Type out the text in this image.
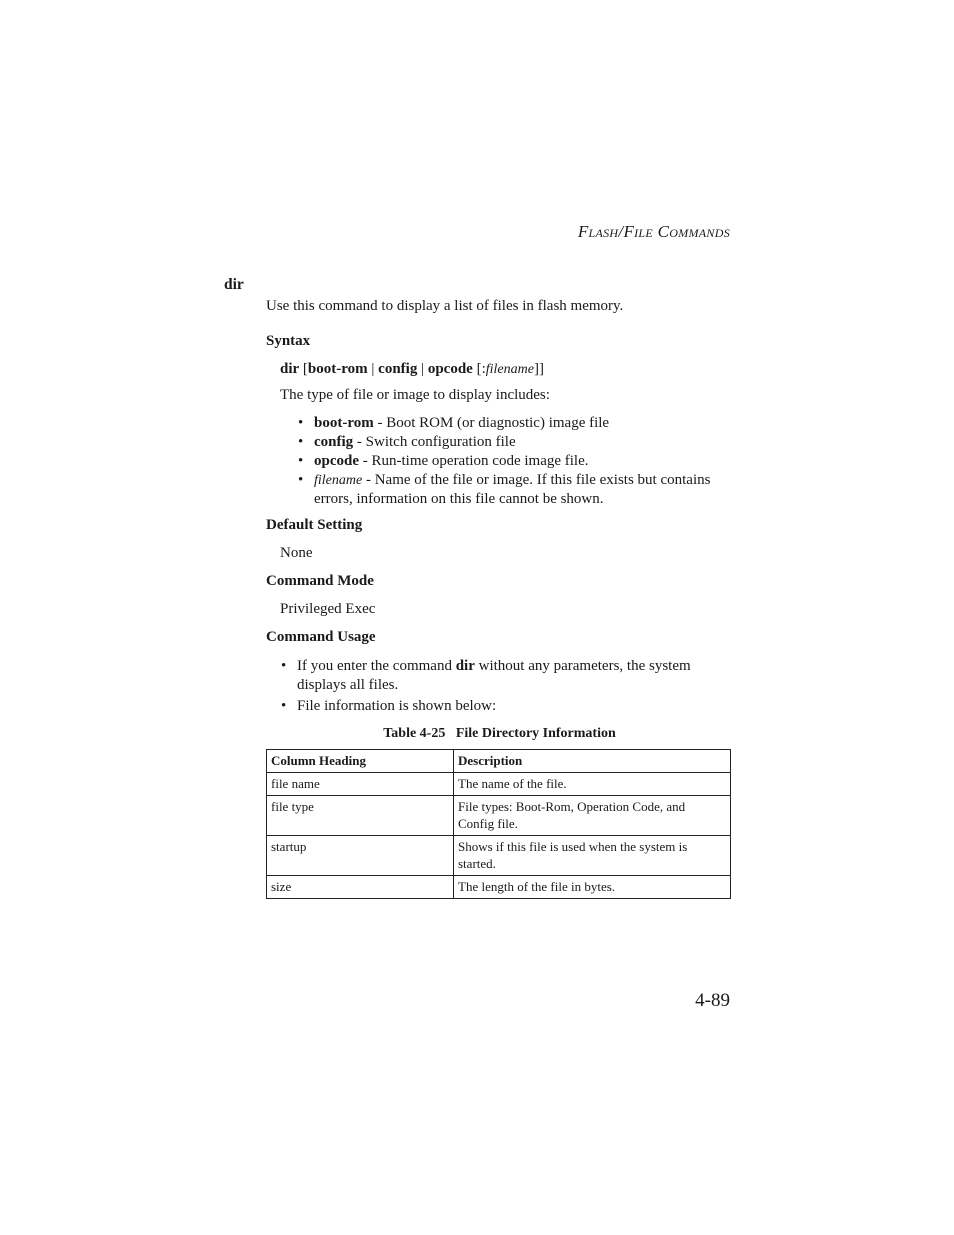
FLASH/FILE COMMANDS
dir
Use this command to display a list of files in flash memory.
Syntax
dir [boot-rom | config | opcode [:filename]]
The type of file or image to display includes:
• boot-rom - Boot ROM (or diagnostic) image file
• config - Switch configuration file
• opcode - Run-time operation code image file.
• filename - Name of the file or image. If this file exists but contains
errors, information on this file cannot be shown.
Default Setting
None
Command Mode
Privileged Exec
Command Usage
• If you enter the command dir without any parameters, the system
displays all files.
• File information is shown below:
Table 4-25 File Directory Information
Column Heading	Description
file name	The name of the file.
file type	File types: Boot-Rom, Operation Code, and
Config file.
startup	Shows if this file is used when the system is
started.
size	The length of the file in bytes.
4-89
